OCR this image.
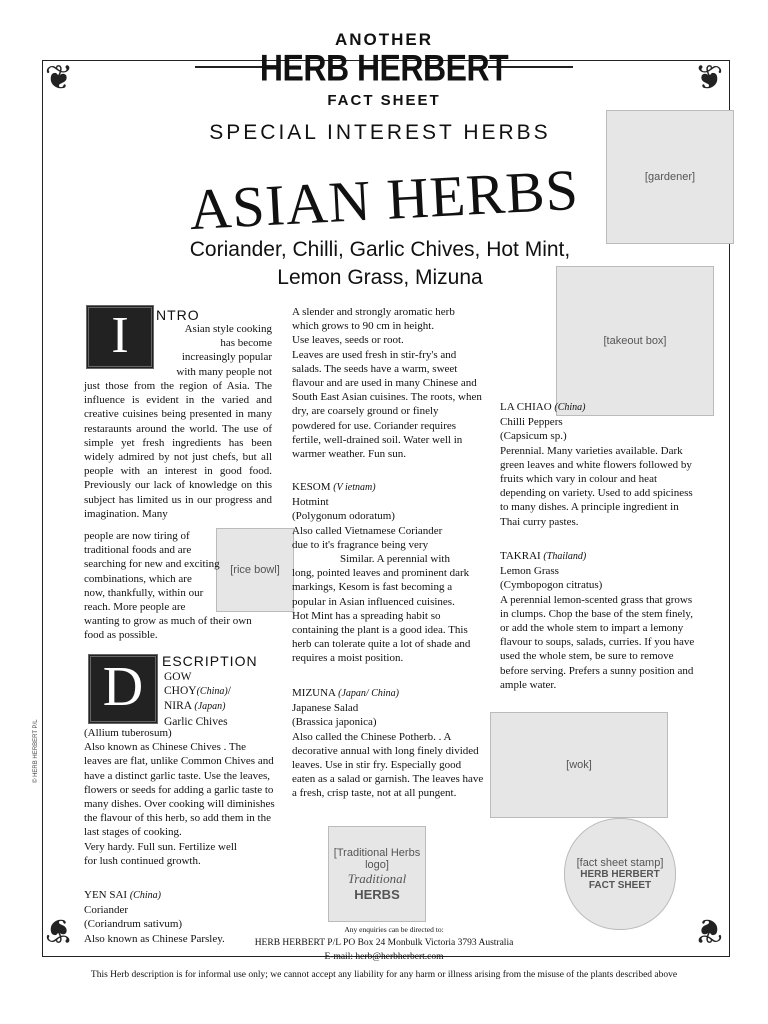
❦	❦
❦	❦
ANOTHER
HERB HERBERT
FACT SHEET
SPECIAL INTEREST HERBS
ASIAN HERBS
Coriander, Chilli, Garlic Chives, Hot Mint,
Lemon Grass, Mizuna
[gardener]
[takeout box]
[rice bowl]
[wok]
[Traditional Herbs logo]
Traditional
HERBS
[fact sheet stamp]
HERB HERBERT
FACT SHEET
© HERB HERBERT P/L
I	NTRO

Asian style cooking

has become

increasingly popular

with many people not

just those from the region of Asia. The influence is evident in the varied and creative cuisines being presented in many restaraunts around the world. The use of simple yet fresh ingredients has been widely admired by not just chefs, but all people with an interest in good food. Previously our lack of knowledge on this subject has limited us in our progress and imagination. Many

people are now tiring of

traditional foods and are

searching for new and exciting

combinations, which are

now, thankfully, within our

reach. More people are

wanting to grow as much of their own

food as possible.

D	ESCRIPTION

GOW

CHOY(China)/

NIRA (Japan)

Garlic Chives

(Allium tuberosum)

Also known as Chinese Chives . The leaves are flat, unlike Common Chives and have a distinct garlic taste. Use the leaves, flowers or seeds for adding a garlic taste to many dishes. Over cooking will diminishes the flavour of this herb, so add them in the last stages of cooking.

Very hardy. Full sun. Fertilize well

for lush continued growth.

YEN SAI (China)

Coriander

(Coriandrum sativum)

Also known as Chinese Parsley.

A slender and strongly aromatic herb which grows to 90 cm in height.

Use leaves, seeds or root.

Leaves are used fresh in stir-fry's and salads. The seeds have a warm, sweet flavour and are used in many Chinese and South East Asian cuisines. The roots, when dry, are coarsely ground or finely powdered for use. Coriander requires fertile, well-drained soil. Water well in warmer weather. Fun sun.

KESOM (V ietnam)

Hotmint

(Polygonum odoratum)

Also called Vietnamese Coriander

due to it's fragrance being very

Similar. A perennial with

long, pointed leaves and prominent dark markings, Kesom is fast becoming a popular in Asian influenced cuisines.

Hot Mint has a spreading habit so containing the plant is a good idea. This herb can tolerate quite a lot of shade and requires a moist position.

MIZUNA (Japan/ China)

Japanese Salad

(Brassica japonica)

Also called the Chinese Potherb. . A decorative annual with long finely divided leaves. Use in stir fry. Especially good eaten as a salad or garnish. The leaves have a fresh, crisp taste, not at all pungent.

LA CHIAO (China)

Chilli Peppers

(Capsicum sp.)

Perennial. Many varieties available. Dark green leaves and white flowers followed by fruits which vary in colour and heat depending on variety. Used to add spiciness to many dishes. A principle ingredient in Thai curry pastes.

TAKRAI (Thailand)

Lemon Grass

(Cymbopogon citratus)

A perennial lemon-scented grass that grows in clumps. Chop the base of the stem finely, or add the whole stem to impart a lemony flavour to soups, salads, curries. If you have used the whole stem, be sure to remove before serving. Prefers a sunny position and ample water.

Any enquiries can be directed to:
HERB HERBERT P/L PO Box 24 Monbulk Victoria 3793 Australia
E-mail: herb@herbherbert.com
This Herb description is for informal use only; we cannot accept any liability for any harm or illness arising from the misuse of the plants described above
